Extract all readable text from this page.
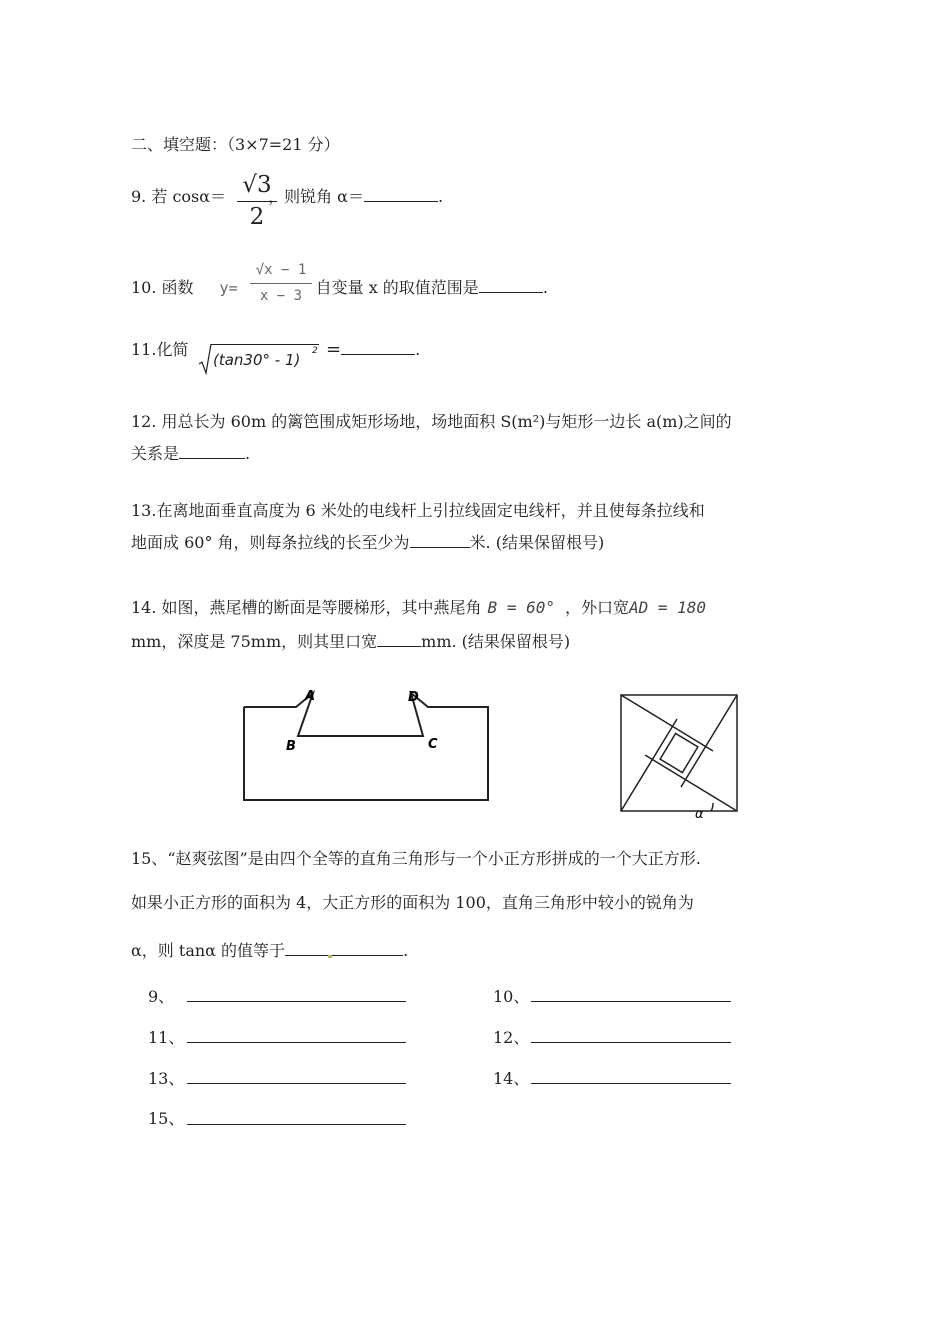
二、填空题：（3×7=21 分）
9. 若 cosα＝	，则锐角 α＝	.
√3
2
10. 函数 y=	自变量 x 的取值范围是	.
√x − 1
x − 3
11.化简
(tan30° - 1) 2 =	.
12. 用总长为 60m 的篱笆围成矩形场地，场地面积 S(m²)与矩形一边长 a(m)之间的
关系是	.
13.在离地面垂直高度为 6 米处的电线杆上引拉线固定电线杆，并且使每条拉线和
地面成 60° 角，则每条拉线的长至少为	米. (结果保留根号)
14. 如图，燕尾槽的断面是等腰梯形，其中燕尾角 B = 60° ，外口宽AD = 180
mm，深度是 75mm，则其里口宽	mm. (结果保留根号)
A	D
B	C
α
15、“赵爽弦图”是由四个全等的直角三角形与一个小正方形拼成的一个大正方形.
如果小正方形的面积为 4，大正方形的面积为 100，直角三角形中较小的锐角为
α，则 tanα 的值等于	.
9、	10、
11、	12、
13、	14、
15、
